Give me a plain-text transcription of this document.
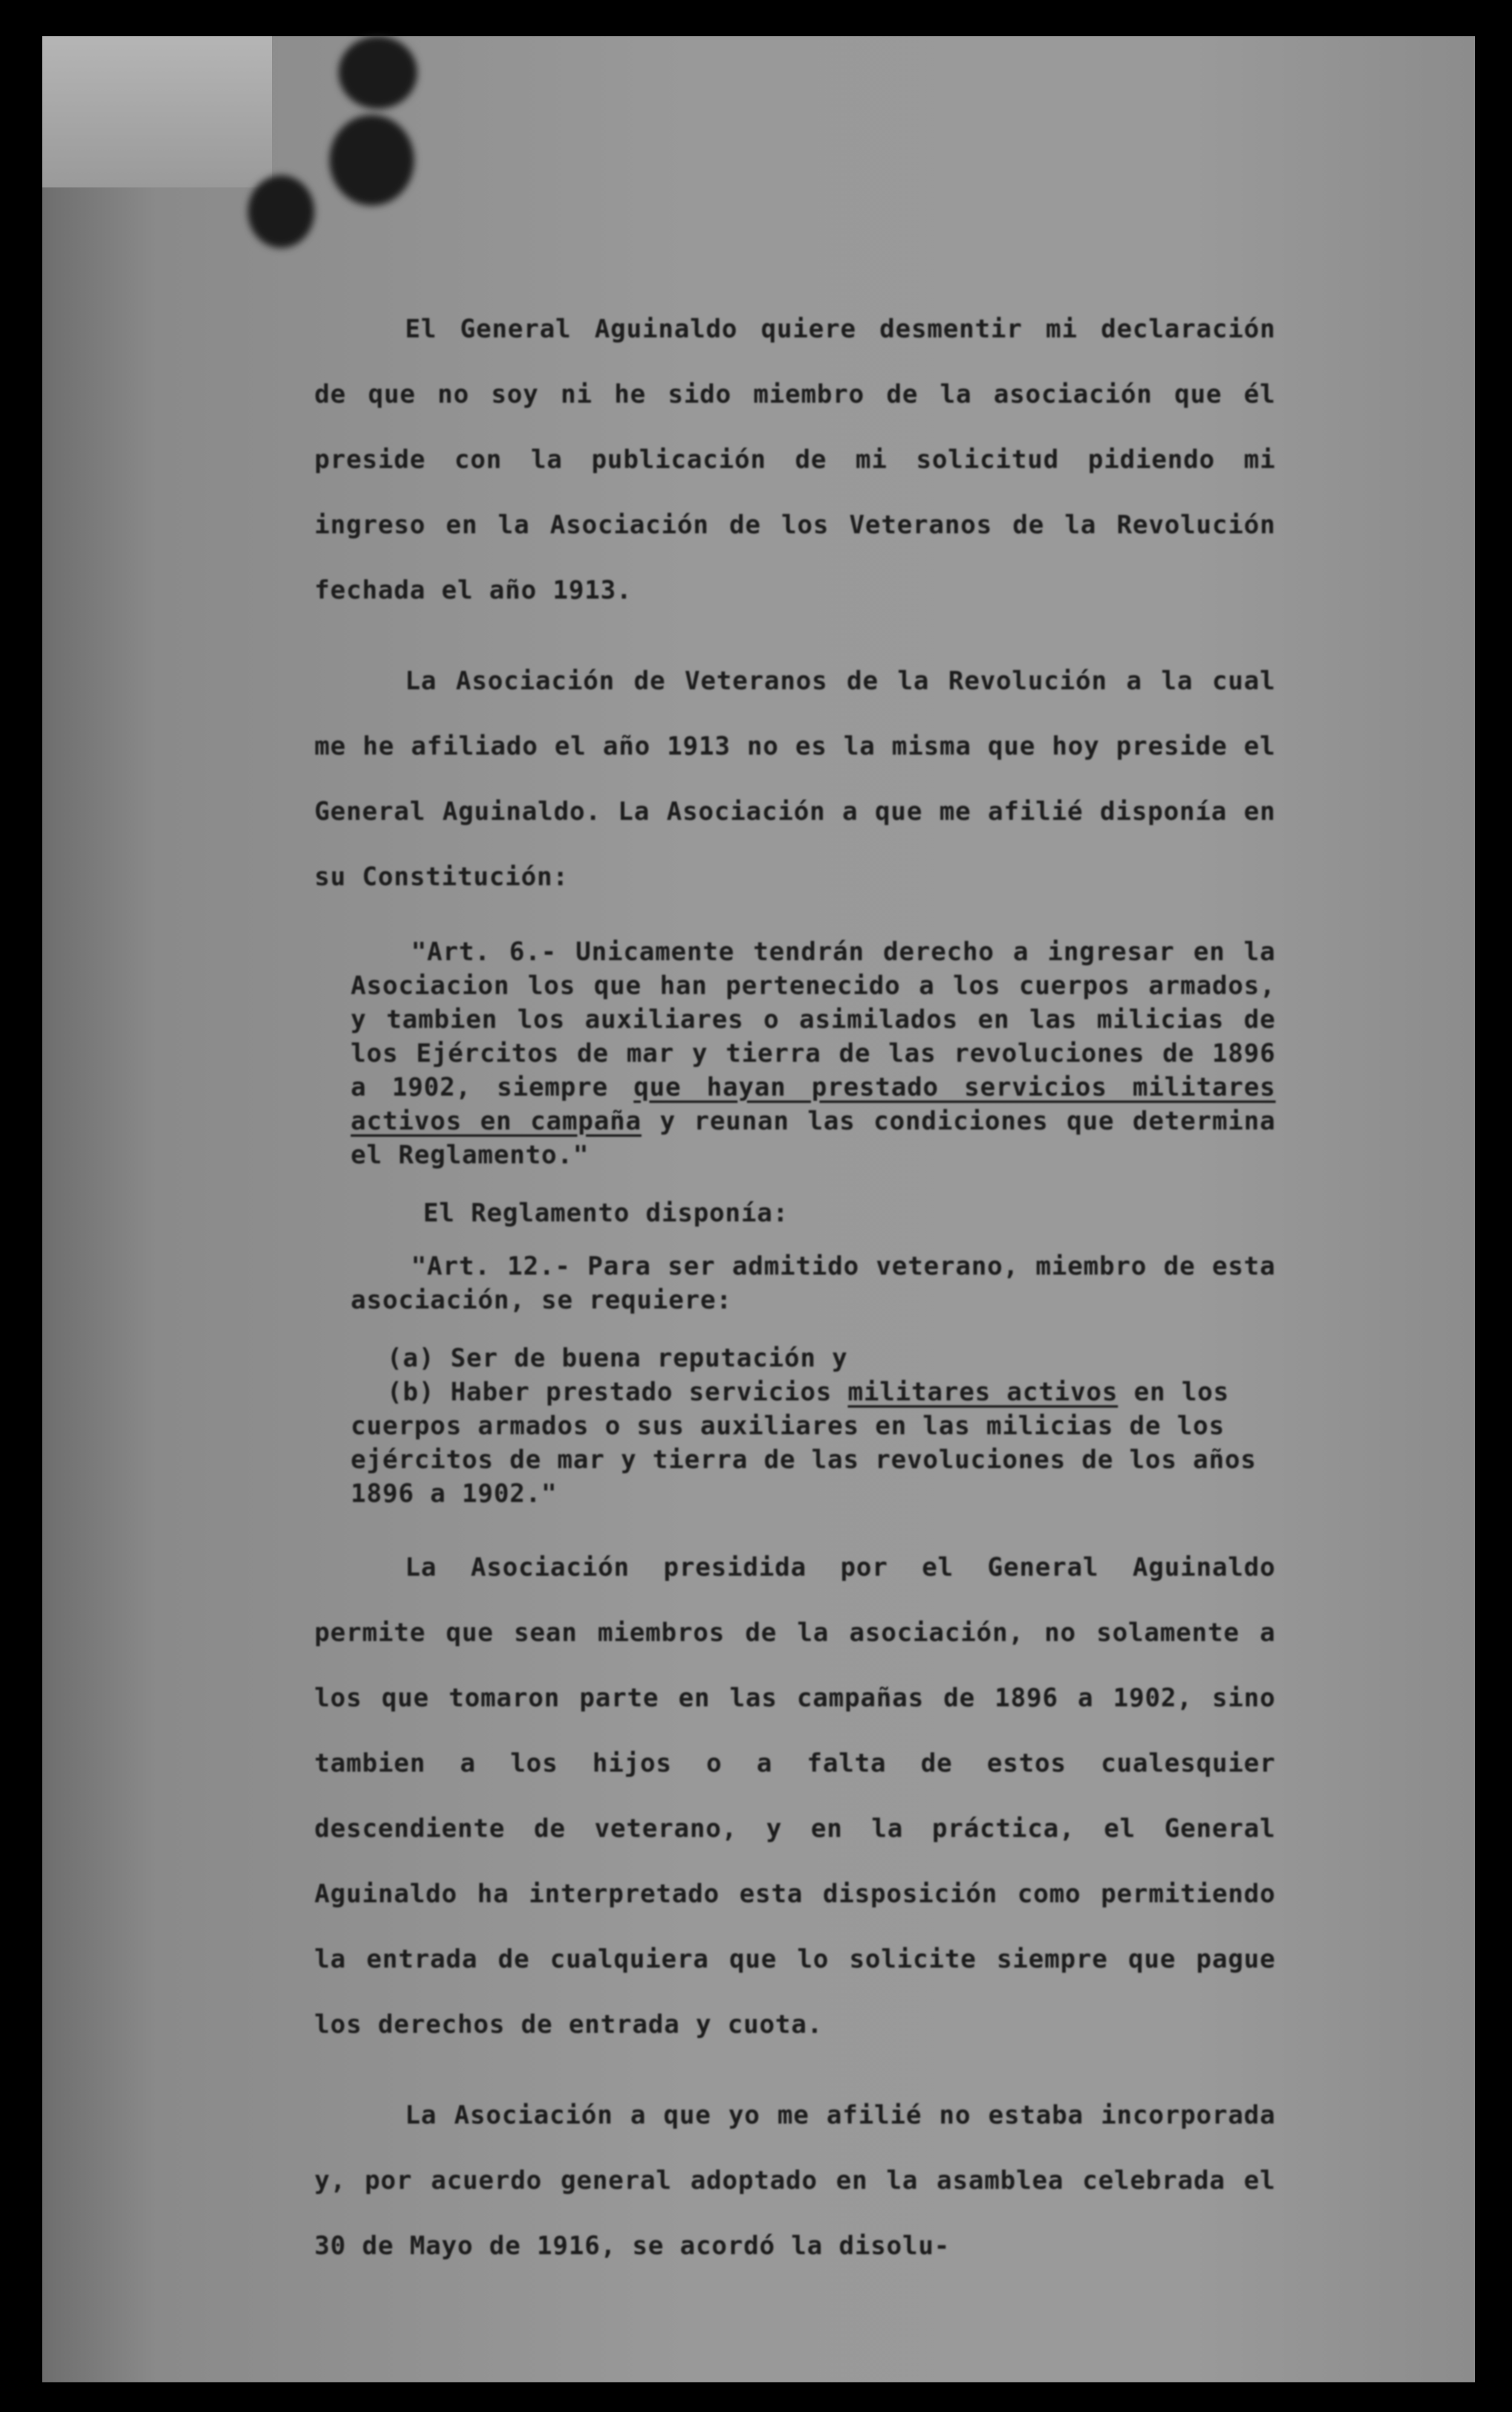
El General Aguinaldo quiere desmentir mi declaración de que no soy ni he sido miembro de la asociación que él preside con la publicación de mi solicitud pidiendo mi ingreso en la Asociación de los Veteranos de la Revolución fechada el año 1913.

La Asociación de Veteranos de la Revolución a la cual me he afiliado el año 1913 no es la misma que hoy preside el General Aguinaldo. La Asociación a que me afilié disponía en su Constitución:

"Art. 6.- Unicamente tendrán derecho a ingresar en la Asociacion los que han pertenecido a los cuerpos armados, y tambien los auxiliares o asimilados en las milicias de los Ejércitos de mar y tierra de las revoluciones de 1896 a 1902, siempre que hayan prestado servicios militares activos en campaña y reunan las condiciones que determina el Reglamento."

El Reglamento disponía:

"Art. 12.- Para ser admitido veterano, miembro de esta asociación, se requiere:

(a) Ser de buena reputación y
(b) Haber prestado servicios militares activos en los cuerpos armados o sus auxiliares en las milicias de los ejércitos de mar y tierra de las revoluciones de los años 1896 a 1902."

La Asociación presidida por el General Aguinaldo permite que sean miembros de la asociación, no solamente a los que tomaron parte en las campañas de 1896 a 1902, sino tambien a los hijos o a falta de estos cualesquier descendiente de veterano, y en la práctica, el General Aguinaldo ha interpretado esta disposición como permitiendo la entrada de cualquiera que lo solicite siempre que pague los derechos de entrada y cuota.

La Asociación a que yo me afilié no estaba incorporada y, por acuerdo general adoptado en la asamblea celebrada el 30 de Mayo de 1916, se acordó la disolu-
